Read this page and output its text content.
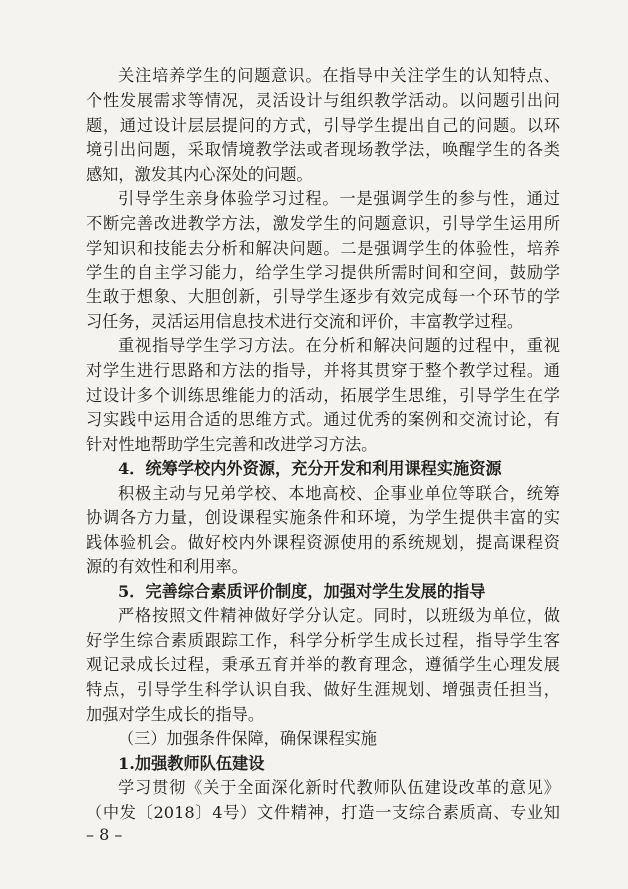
关注培养学生的问题意识。在指导中关注学生的认知特点、
个性发展需求等情况，灵活设计与组织教学活动。以问题引出问
题，通过设计层层提问的方式，引导学生提出自己的问题。以环
境引出问题，采取情境教学法或者现场教学法，唤醒学生的各类
感知，激发其内心深处的问题。
引导学生亲身体验学习过程。一是强调学生的参与性，通过
不断完善改进教学方法，激发学生的问题意识，引导学生运用所
学知识和技能去分析和解决问题。二是强调学生的体验性，培养
学生的自主学习能力，给学生学习提供所需时间和空间，鼓励学
生敢于想象、大胆创新，引导学生逐步有效完成每一个环节的学
习任务，灵活运用信息技术进行交流和评价，丰富教学过程。
重视指导学生学习方法。在分析和解决问题的过程中，重视
对学生进行思路和方法的指导，并将其贯穿于整个教学过程。通
过设计多个训练思维能力的活动，拓展学生思维，引导学生在学
习实践中运用合适的思维方式。通过优秀的案例和交流讨论，有
针对性地帮助学生完善和改进学习方法。
4．统筹学校内外资源，充分开发和利用课程实施资源
积极主动与兄弟学校、本地高校、企事业单位等联合，统筹
协调各方力量，创设课程实施条件和环境，为学生提供丰富的实
践体验机会。做好校内外课程资源使用的系统规划，提高课程资
源的有效性和利用率。
5．完善综合素质评价制度，加强对学生发展的指导
严格按照文件精神做好学分认定。同时，以班级为单位，做
好学生综合素质跟踪工作，科学分析学生成长过程，指导学生客
观记录成长过程，秉承五育并举的教育理念，遵循学生心理发展
特点，引导学生科学认识自我、做好生涯规划、增强责任担当，
加强对学生成长的指导。
（三）加强条件保障，确保课程实施
1.加强教师队伍建设
学习贯彻《关于全面深化新时代教师队伍建设改革的意见》
（中发〔2018〕4号）文件精神，打造一支综合素质高、专业知
– 8 –
